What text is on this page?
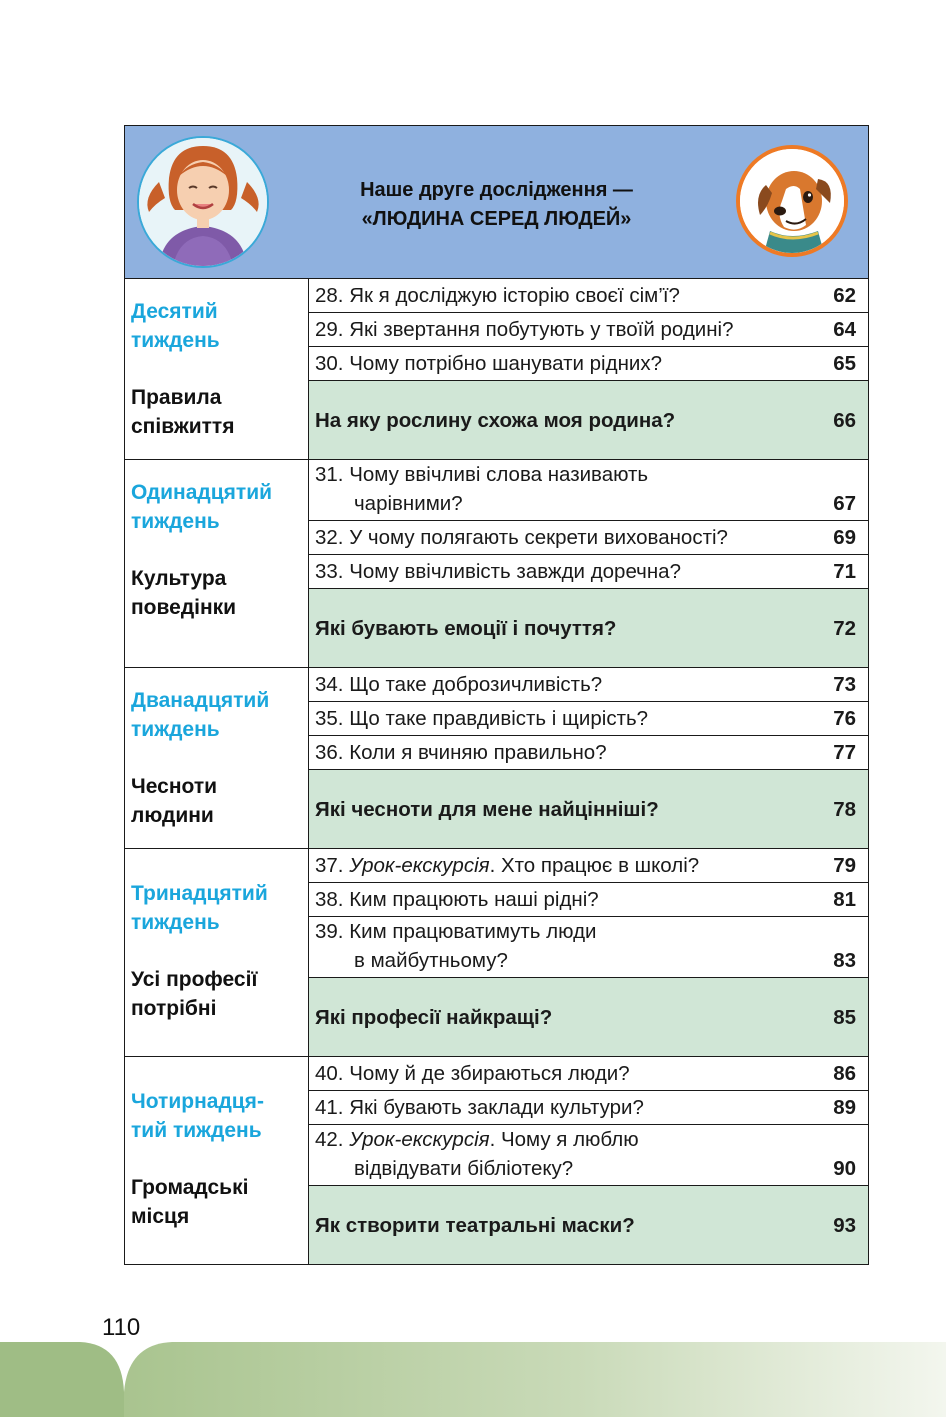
Наше друге дослідження —
«ЛЮДИНА СЕРЕД ЛЮДЕЙ»	

Десятий
тиждень
Правила
співжиття	28. Як я досліджую історію своєї сім’ї? 62

	29. Які звертання побутують у твоїй родині? 64

	30. Чому потрібно шанувати рідних? 65

	На яку рослину схожа моя родина? 66

Одинадцятий
тиждень
Культура
поведінки	31. Чому ввічливі слова називають
чарівними? 67

	32. У чому полягають секрети вихованості? 69

	33. Чому ввічливість завжди доречна? 71

	Які бувають емоції і почуття? 72

Дванадцятий
тиждень
Чесноти
людини	34. Що таке доброзичливість? 73

	35. Що таке правдивість і щирість? 76

	36. Коли я вчиняю правильно? 77

	Які чесноти для мене найцінніші? 78

Тринадцятий
тиждень
Усі професії
потрібні	37. Урок-екскурсія. Хто працює в школі? 79

	38. Ким працюють наші рідні? 81

	39. Ким працюватимуть люди
в майбутньому? 83

	Які професії найкращі? 85

Чотирнадця-
тий тиждень
Громадські
місця	40. Чому й де збираються люди? 86

	41. Які бувають заклади культури? 89

	42. Урок-екскурсія. Чому я люблю
відвідувати бібліотеку? 90

	Як створити театральні маски? 93
110
